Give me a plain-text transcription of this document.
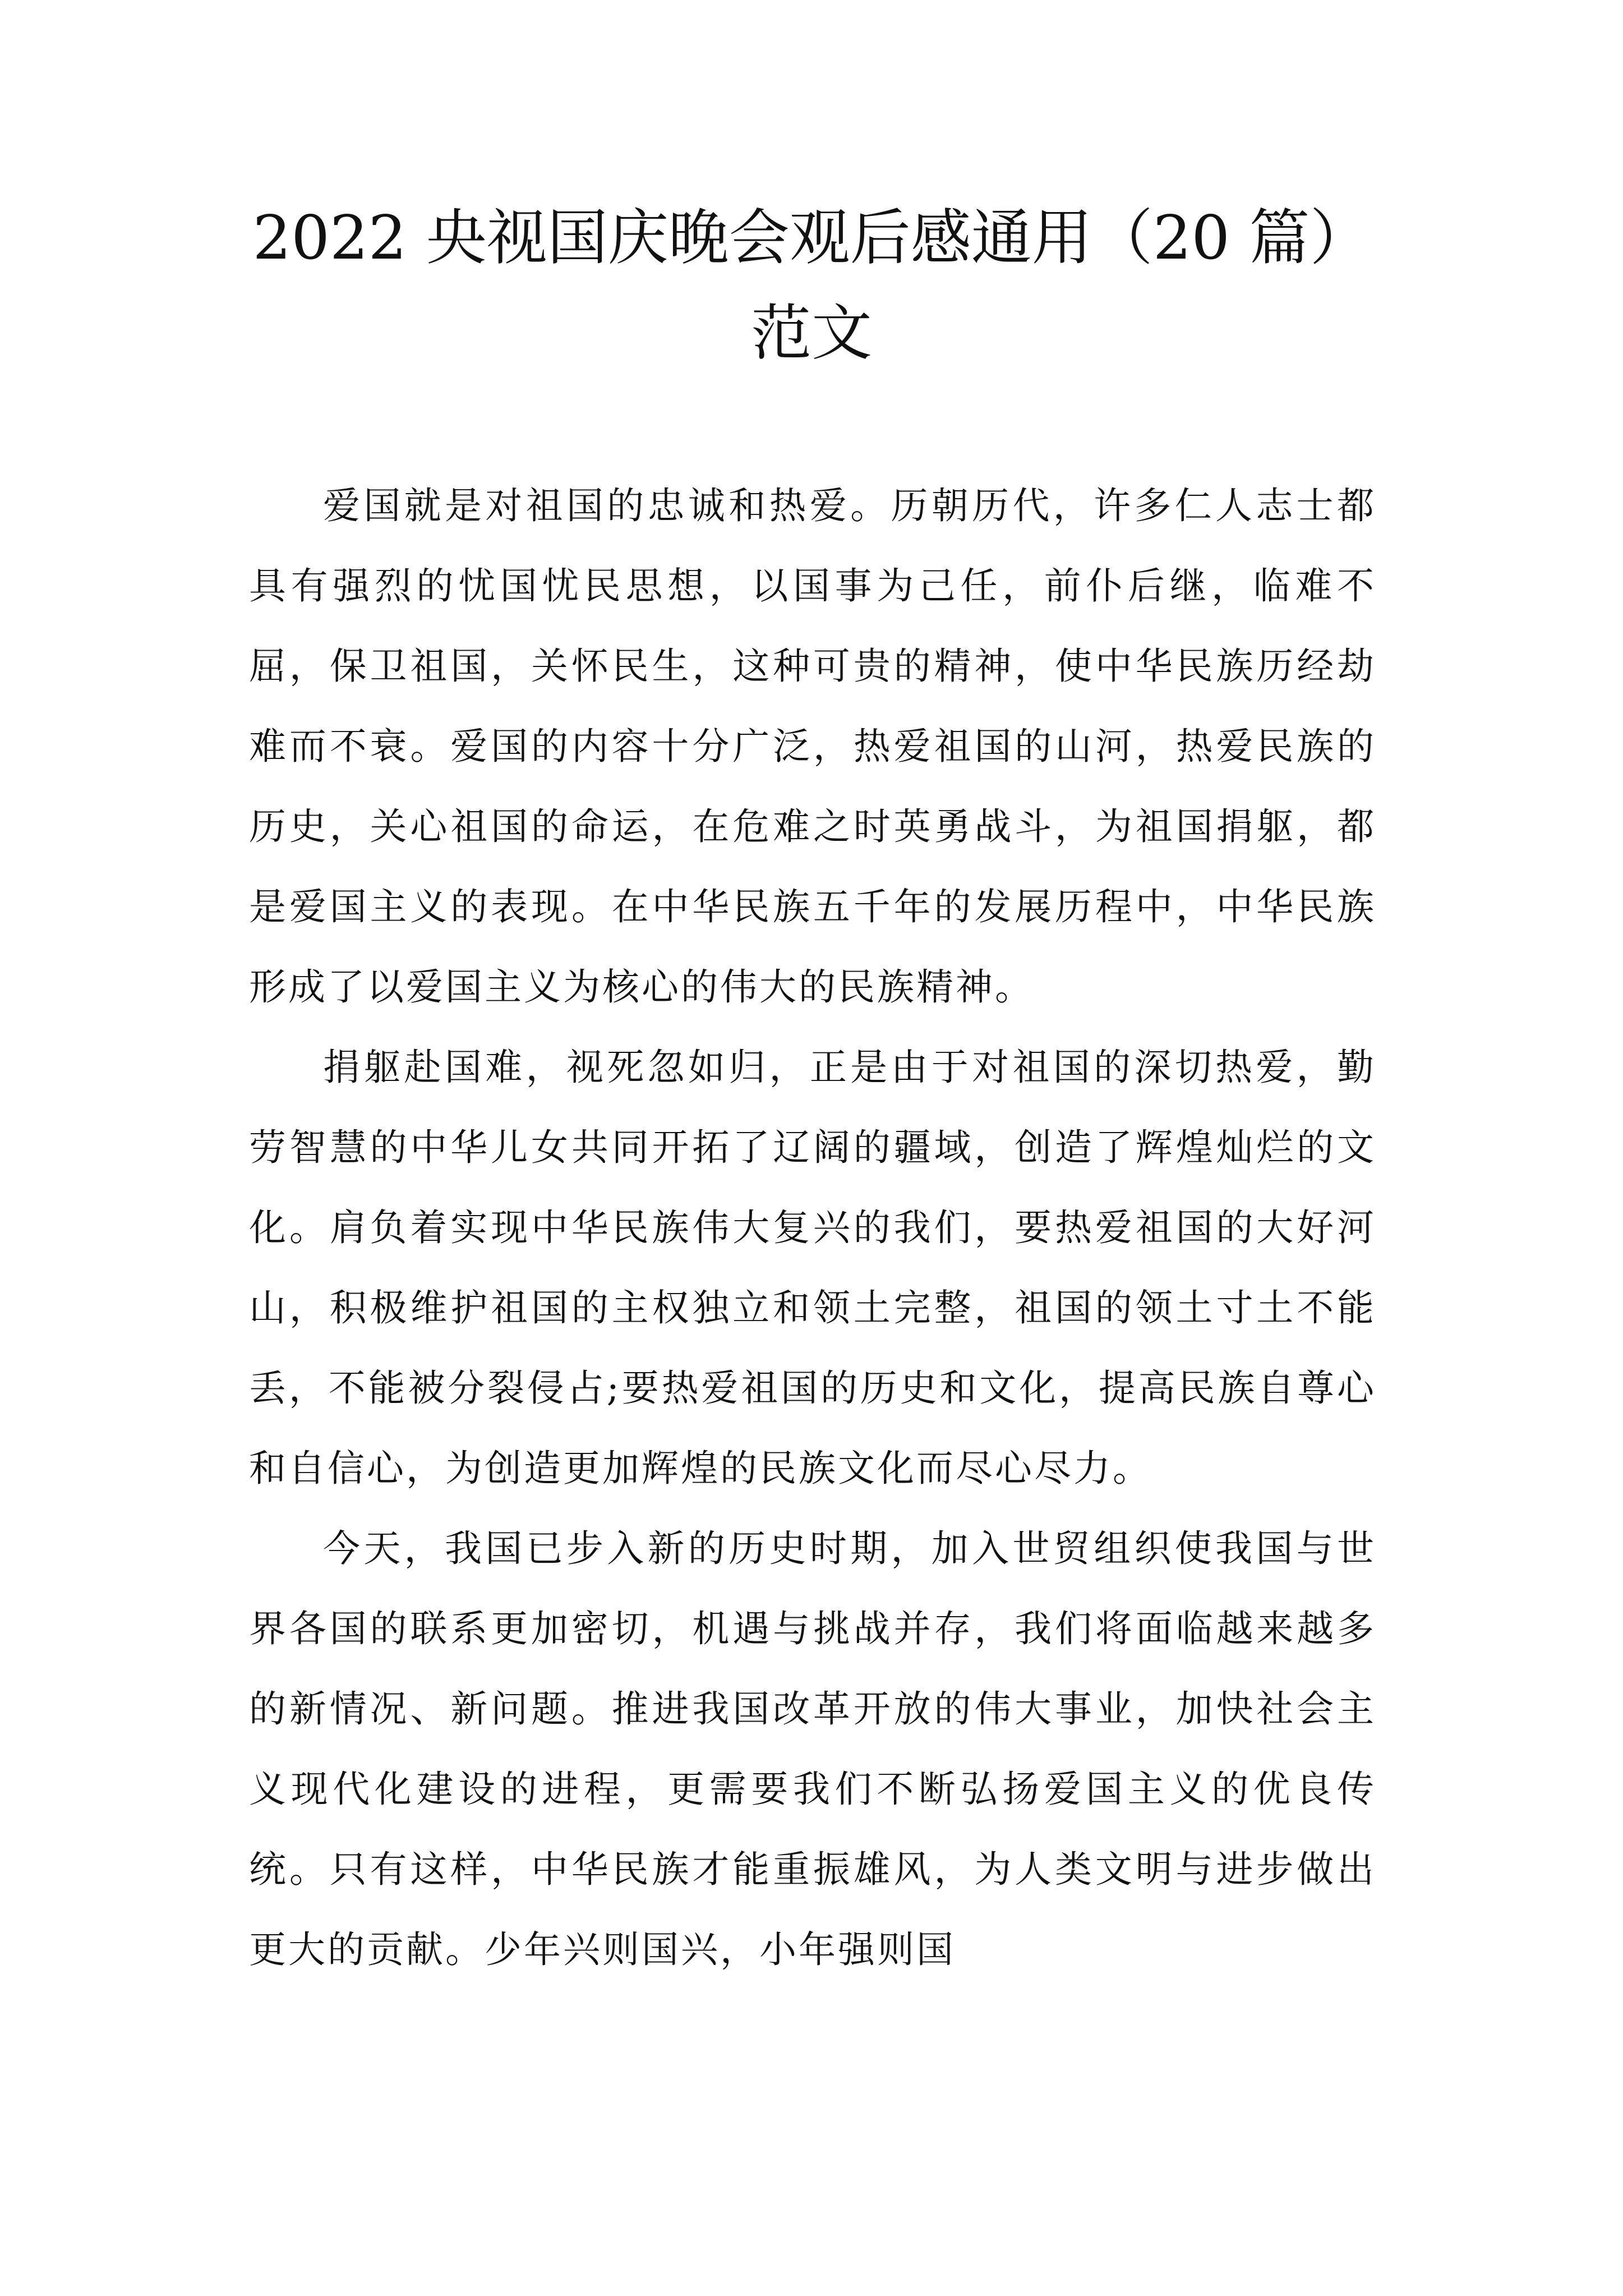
2022 央视国庆晚会观后感通用（20 篇）范文

爱国就是对祖国的忠诚和热爱。历朝历代，许多仁人志士都具有强烈的忧国忧民思想，以国事为己任，前仆后继，临难不屈，保卫祖国，关怀民生，这种可贵的精神，使中华民族历经劫难而不衰。爱国的内容十分广泛，热爱祖国的山河，热爱民族的历史，关心祖国的命运，在危难之时英勇战斗，为祖国捐躯，都是爱国主义的表现。在中华民族五千年的发展历程中，中华民族形成了以爱国主义为核心的伟大的民族精神。

捐躯赴国难，视死忽如归，正是由于对祖国的深切热爱，勤劳智慧的中华儿女共同开拓了辽阔的疆域，创造了辉煌灿烂的文化。肩负着实现中华民族伟大复兴的我们，要热爱祖国的大好河山，积极维护祖国的主权独立和领土完整，祖国的领土寸土不能丢，不能被分裂侵占;要热爱祖国的历史和文化，提高民族自尊心和自信心，为创造更加辉煌的民族文化而尽心尽力。

今天，我国已步入新的历史时期，加入世贸组织使我国与世界各国的联系更加密切，机遇与挑战并存，我们将面临越来越多的新情况、新问题。推进我国改革开放的伟大事业，加快社会主义现代化建设的进程，更需要我们不断弘扬爱国主义的优良传统。只有这样，中华民族才能重振雄风，为人类文明与进步做出更大的贡献。少年兴则国兴，小年强则国
